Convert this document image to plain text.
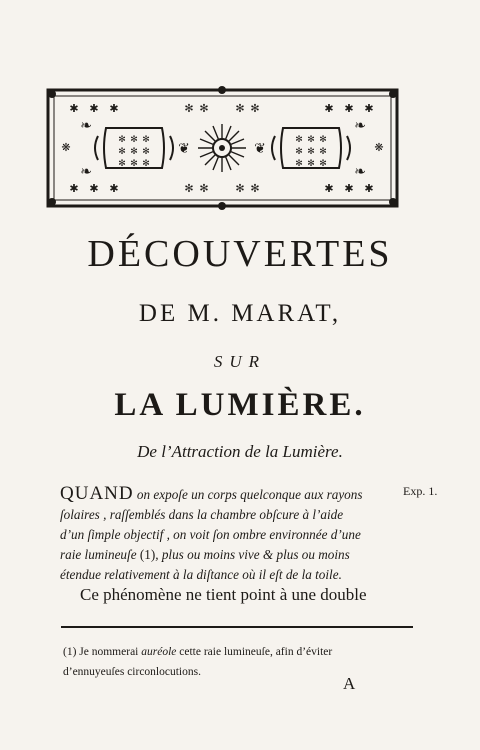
✱ ✱ ✱	✱ ✱ ✱
✱ ✱ ✱	✱ ✱ ✱
✻ ✻ ✻ ✻
✻ ✻ ✻ ✻
❋	❋
✻ ✻ ✻
✻ ✻ ✻
✻ ✻ ✻
✻ ✻ ✻
✻ ✻ ✻
✻ ✻ ✻
❦	❦
❧	❧
❧	❧
DÉCOUVERTES
DE M. MARAT,
SUR
LA LUMIÈRE.
De l’Attraction de la Lumière.
QUAND on expoſe un corps quelconque aux rayons
ſolaires , raſſemblés dans la chambre obſcure à l’aide
d’un ſimple objectif , on voit ſon ombre environnée d’une
raie lumineuſe (1), plus ou moins vive & plus ou moins
étendue relativement à la diſtance où il eſt de la toile.
Exp. 1.
Ce phénomène ne tient point à une double
(1) Je nommerai auréole cette raie lumineuſe, afin d’éviter
d’ennuyeuſes circonlocutions.
A
